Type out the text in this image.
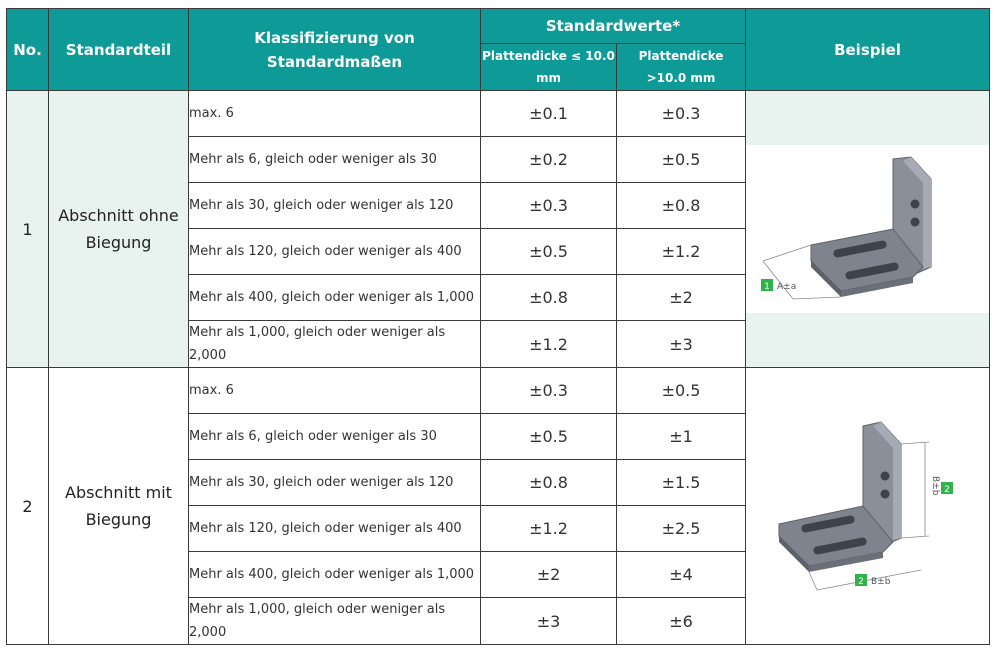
No.	Standardteil	Klassifizierung von Standardmaßen	Standardwerte*		Beispiel
			Plattendicke ≤ 10.0 mm	Plattendicke >10.0 mm	
1	Abschnitt ohne Biegung	max. 6	±0.1	±0.3	1 A±a

		Mehr als 6, gleich oder weniger als 30	±0.2	±0.5	
		Mehr als 30, gleich oder weniger als 120	±0.3	±0.8	
		Mehr als 120, gleich oder weniger als 400	±0.5	±1.2	
		Mehr als 400, gleich oder weniger als 1,000	±0.8	±2	
		Mehr als 1,000, gleich oder weniger als 2,000	±1.2	±3	
2	Abschnitt mit Biegung	max. 6	±0.3	±0.5	2
B±b
2 B±b

		Mehr als 6, gleich oder weniger als 30	±0.5	±1	
		Mehr als 30, gleich oder weniger als 120	±0.8	±1.5	
		Mehr als 120, gleich oder weniger als 400	±1.2	±2.5	
		Mehr als 400, gleich oder weniger als 1,000	±2	±4	
		Mehr als 1,000, gleich oder weniger als 2,000	±3	±6	
